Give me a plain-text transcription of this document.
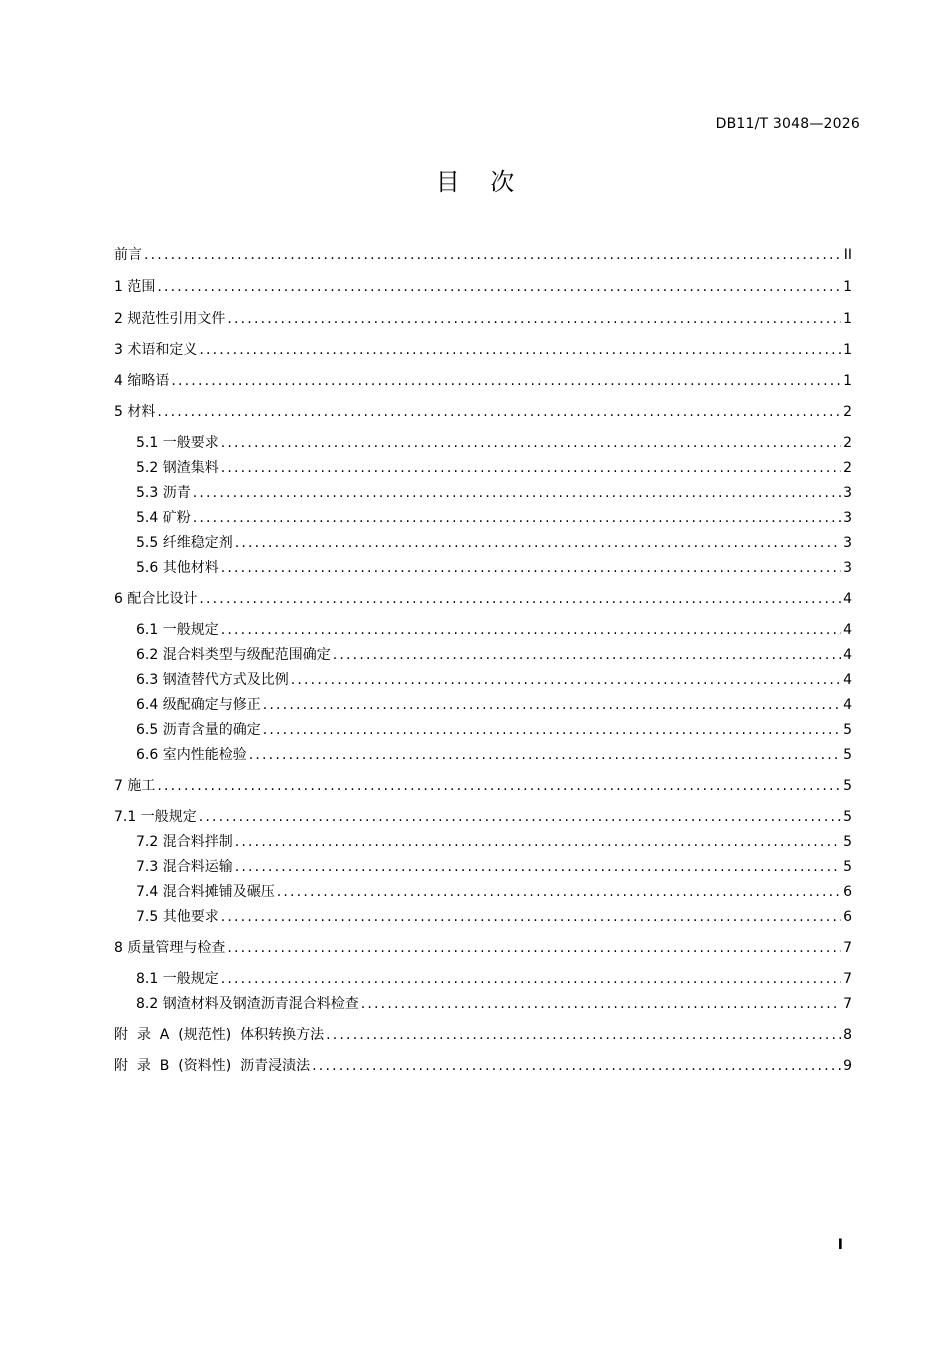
DB11/T 3048—2026
目    次
前言 .....	II
1 范围 .....	1
2 规范性引用文件 .....	1
3 术语和定义 .....	1
4 缩略语 .....	1
5 材料 .....	2
5.1 一般要求 .....	2
5.2 钢渣集料 .....	2
5.3 沥青 .....	3
5.4 矿粉 .....	3
5.5 纤维稳定剂 .....	3
5.6 其他材料 .....	3
6 配合比设计 .....	4
6.1 一般规定 .....	4
6.2 混合料类型与级配范围确定 .....	4
6.3 钢渣替代方式及比例 .....	4
6.4 级配确定与修正 .....	4
6.5 沥青含量的确定 .....	5
6.6 室内性能检验 .....	5
7 施工 .....	5
7.1 一般规定 .....	5
7.2 混合料拌制 .....	5
7.3 混合料运输 .....	5
7.4 混合料摊铺及碾压 .....	6
7.5 其他要求 .....	6
8 质量管理与检查 .....	7
8.1 一般规定 .....	7
8.2 钢渣材料及钢渣沥青混合料检查 .....	7
附  录  A  (规范性)  体积转换方法 .....	8
附  录  B  (资料性)  沥青浸渍法 .....	9
I
